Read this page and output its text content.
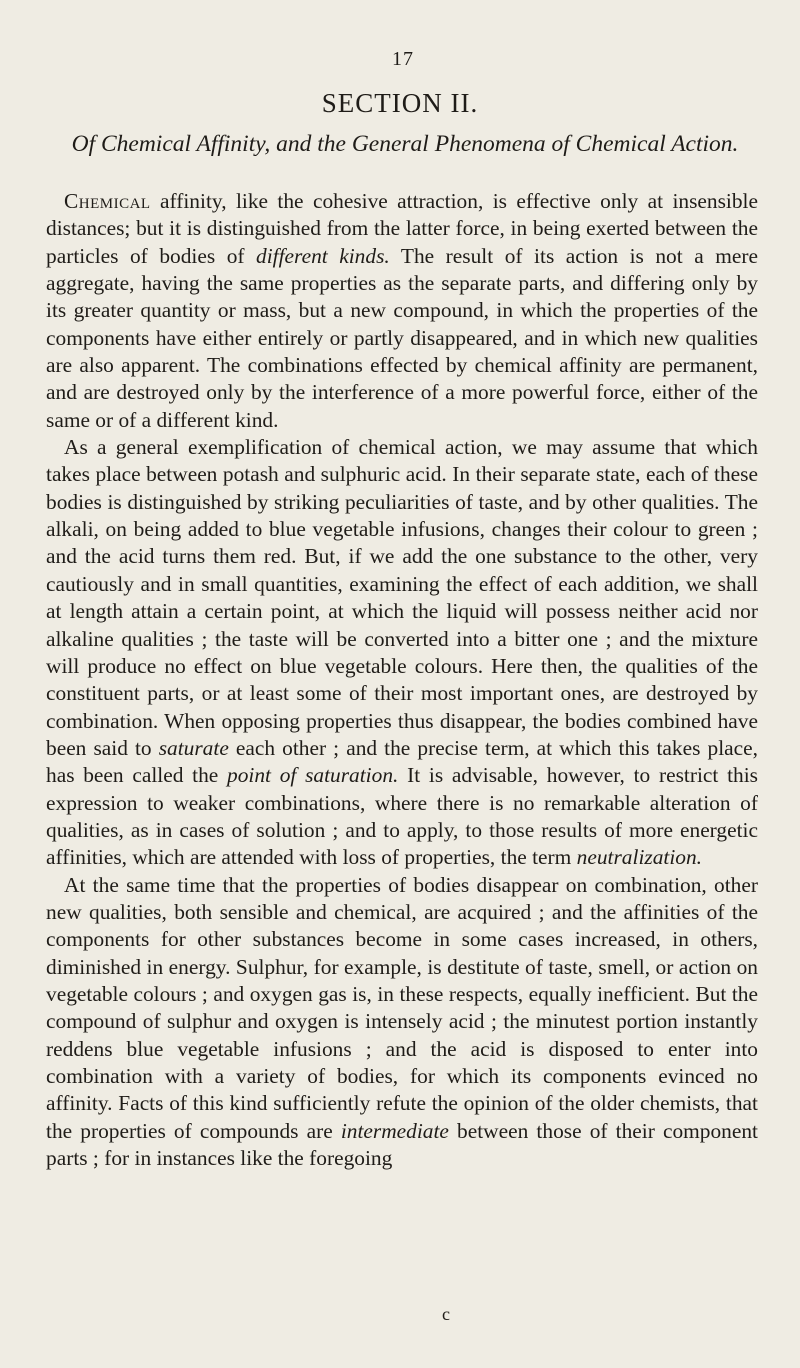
17
SECTION II.
Of Chemical Affinity, and the General Phenomena of Chemical Action.

Chemical affinity, like the cohesive attraction, is effective only at insensible distances; but it is distinguished from the latter force, in being exerted between the particles of bodies of different kinds. The result of its action is not a mere aggregate, having the same properties as the separate parts, and differing only by its greater quantity or mass, but a new compound, in which the properties of the components have either entirely or partly disappeared, and in which new qualities are also apparent. The combinations effected by chemical affinity are permanent, and are destroyed only by the interference of a more powerful force, either of the same or of a different kind.

As a general exemplification of chemical action, we may assume that which takes place between potash and sulphuric acid. In their separate state, each of these bodies is distinguished by striking peculiarities of taste, and by other qualities. The alkali, on being added to blue vegetable infusions, changes their colour to green ; and the acid turns them red. But, if we add the one substance to the other, very cautiously and in small quantities, examining the effect of each addition, we shall at length attain a certain point, at which the liquid will possess neither acid nor alkaline qualities ; the taste will be converted into a bitter one ; and the mixture will produce no effect on blue vegetable colours. Here then, the qualities of the constituent parts, or at least some of their most important ones, are destroyed by combination. When opposing properties thus disappear, the bodies combined have been said to saturate each other ; and the precise term, at which this takes place, has been called the point of saturation. It is advisable, however, to restrict this expression to weaker combinations, where there is no remarkable alteration of qualities, as in cases of solution ; and to apply, to those results of more energetic affinities, which are attended with loss of properties, the term neutralization.

At the same time that the properties of bodies disappear on combination, other new qualities, both sensible and chemical, are acquired ; and the affinities of the components for other substances become in some cases increased, in others, diminished in energy. Sulphur, for example, is destitute of taste, smell, or action on vegetable colours ; and oxygen gas is, in these respects, equally inefficient. But the compound of sulphur and oxygen is intensely acid ; the minutest portion instantly reddens blue vegetable infusions ; and the acid is disposed to enter into combination with a variety of bodies, for which its components evinced no affinity. Facts of this kind sufficiently refute the opinion of the older chemists, that the properties of compounds are intermediate between those of their component parts ; for in instances like the foregoing

c
